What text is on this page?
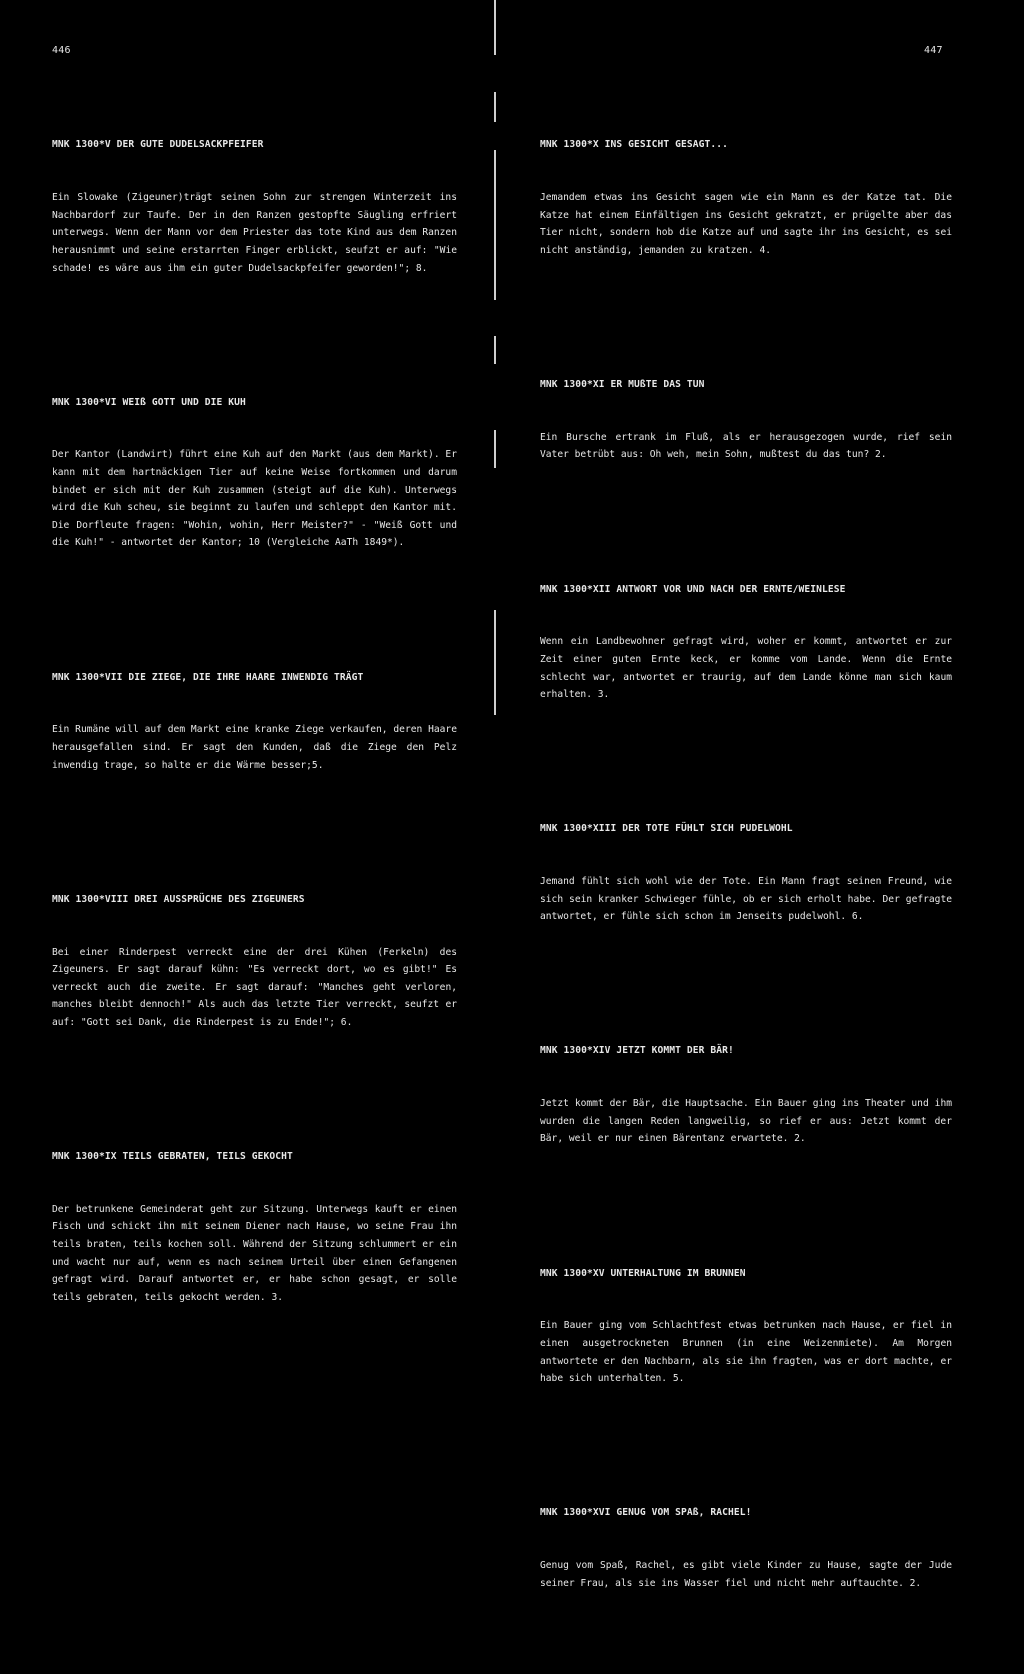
446

MNK 1300*V DER GUTE DUDELSACKPFEIFER

Ein Slowake (Zigeuner)trägt seinen Sohn zur strengen Winterzeit ins Nachbardorf zur Taufe. Der in den Ranzen gestopfte Säugling erfriert unterwegs. Wenn der Mann vor dem Priester das tote Kind aus dem Ranzen herausnimmt und seine erstarrten Finger erblickt, seufzt er auf: "Wie schade! es wäre aus ihm ein guter Dudelsackpfeifer geworden!"; 8.

MNK 1300*VI WEIß GOTT UND DIE KUH

Der Kantor (Landwirt) führt eine Kuh auf den Markt (aus dem Markt). Er kann mit dem hartnäckigen Tier auf keine Weise fortkommen und darum bindet er sich mit der Kuh zusammen (steigt auf die Kuh). Unterwegs wird die Kuh scheu, sie beginnt zu laufen und schleppt den Kantor mit. Die Dorfleute fragen: "Wohin, wohin, Herr Meister?" - "Weiß Gott und die Kuh!" - antwortet der Kantor; 10 (Vergleiche AaTh 1849*).

MNK 1300*VII DIE ZIEGE, DIE IHRE HAARE INWENDIG TRÄGT

Ein Rumäne will auf dem Markt eine kranke Ziege verkaufen, deren Haare herausgefallen sind. Er sagt den Kunden, daß die Ziege den Pelz inwendig trage, so halte er die Wärme besser;5.

MNK 1300*VIII DREI AUSSPRÜCHE DES ZIGEUNERS

Bei einer Rinderpest verreckt eine der drei Kühen (Ferkeln) des Zigeuners. Er sagt darauf kühn: "Es verreckt dort, wo es gibt!" Es verreckt auch die zweite. Er sagt darauf: "Manches geht verloren, manches bleibt dennoch!" Als auch das letzte Tier verreckt, seufzt er auf: "Gott sei Dank, die Rinderpest is zu Ende!"; 6.

MNK 1300*IX TEILS GEBRATEN, TEILS GEKOCHT

Der betrunkene Gemeinderat geht zur Sitzung. Unterwegs kauft er einen Fisch und schickt ihn mit seinem Diener nach Hause, wo seine Frau ihn teils braten, teils kochen soll. Während der Sitzung schlummert er ein und wacht nur auf, wenn es nach seinem Urteil über einen Gefangenen gefragt wird. Darauf antwortet er, er habe schon gesagt, er solle teils gebraten, teils gekocht werden. 3.

447

MNK 1300*X INS GESICHT GESAGT...

Jemandem etwas ins Gesicht sagen wie ein Mann es der Katze tat. Die Katze hat einem Einfältigen ins Gesicht gekratzt, er prügelte aber das Tier nicht, sondern hob die Katze auf und sagte ihr ins Gesicht, es sei nicht anständig, jemanden zu kratzen. 4.

MNK 1300*XI ER MUßTE DAS TUN

Ein Bursche ertrank im Fluß, als er herausgezogen wurde, rief sein Vater betrübt aus: Oh weh, mein Sohn, mußtest du das tun? 2.

MNK 1300*XII ANTWORT VOR UND NACH DER ERNTE/WEINLESE

Wenn ein Landbewohner gefragt wird, woher er kommt, antwortet er zur Zeit einer guten Ernte keck, er komme vom Lande. Wenn die Ernte schlecht war, antwortet er traurig, auf dem Lande könne man sich kaum erhalten. 3.

MNK 1300*XIII DER TOTE FÜHLT SICH PUDELWOHL

Jemand fühlt sich wohl wie der Tote. Ein Mann fragt seinen Freund, wie sich sein kranker Schwieger fühle, ob er sich erholt habe. Der gefragte antwortet, er fühle sich schon im Jenseits pudelwohl. 6.

MNK 1300*XIV JETZT KOMMT DER BÄR!

Jetzt kommt der Bär, die Hauptsache. Ein Bauer ging ins Theater und ihm wurden die langen Reden langweilig, so rief er aus: Jetzt kommt der Bär, weil er nur einen Bärentanz erwartete. 2.

MNK 1300*XV UNTERHALTUNG IM BRUNNEN

Ein Bauer ging vom Schlachtfest etwas betrunken nach Hause, er fiel in einen ausgetrockneten Brunnen (in eine Weizenmiete). Am Morgen antwortete er den Nachbarn, als sie ihn fragten, was er dort machte, er habe sich unterhalten. 5.

MNK 1300*XVI GENUG VOM SPAß, RACHEL!

Genug vom Spaß, Rachel, es gibt viele Kinder zu Hause, sagte der Jude seiner Frau, als sie ins Wasser fiel und nicht mehr auftauchte. 2.
